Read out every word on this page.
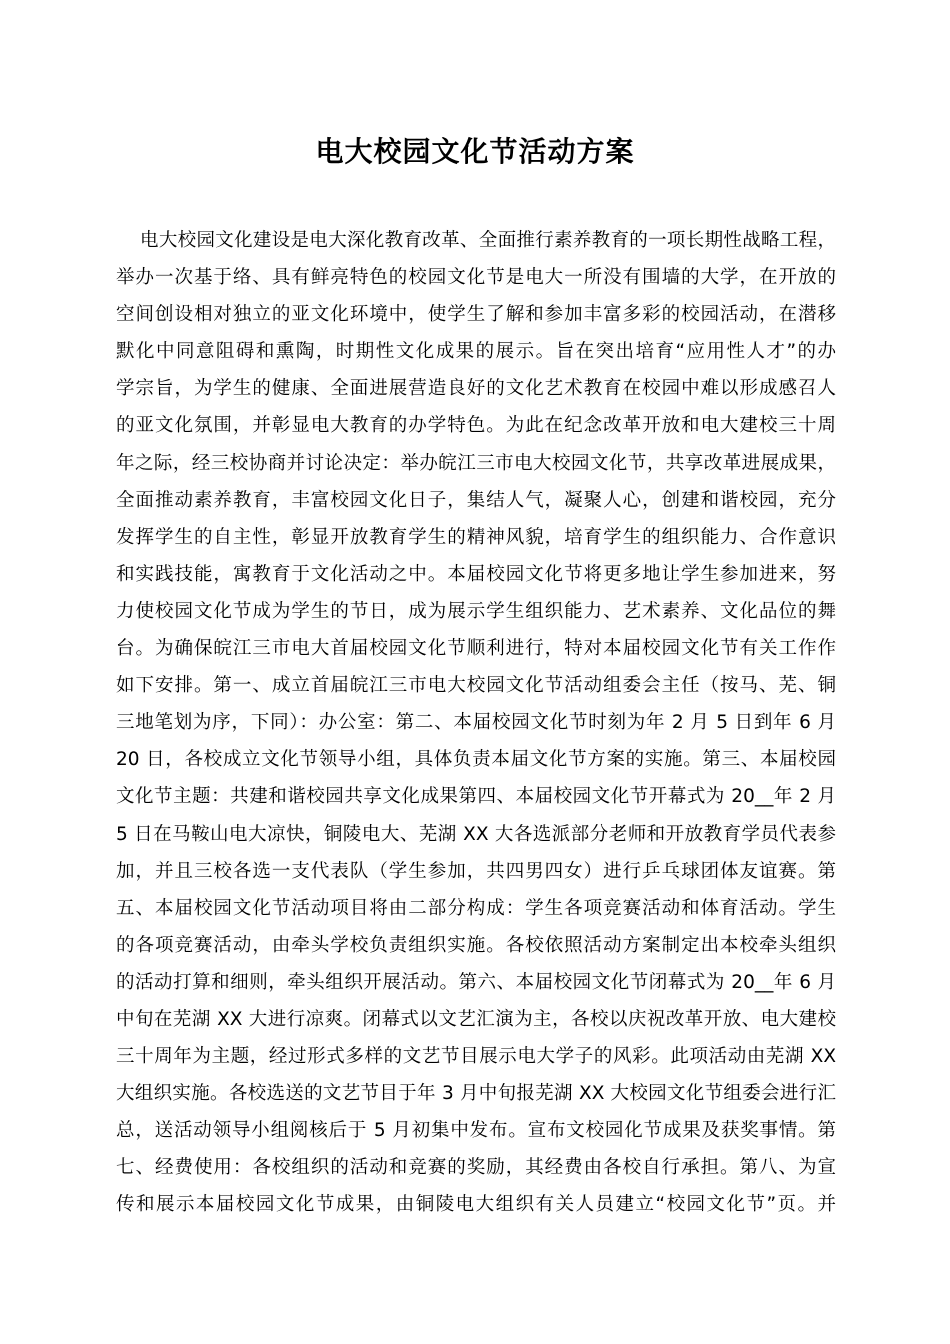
电大校园文化节活动方案
电大校园文化建设是电大深化教育改革、全面推行素养教育的一项长期性战略工程，
举办一次基于络、具有鲜亮特色的校园文化节是电大一所没有围墙的大学，在开放的
空间创设相对独立的亚文化环境中，使学生了解和参加丰富多彩的校园活动，在潜移
默化中同意阻碍和熏陶，时期性文化成果的展示。旨在突出培育“应用性人才”的办
学宗旨，为学生的健康、全面进展营造良好的文化艺术教育在校园中难以形成感召人
的亚文化氛围，并彰显电大教育的办学特色。为此在纪念改革开放和电大建校三十周
年之际，经三校协商并讨论决定：举办皖江三市电大校园文化节，共享改革进展成果，
全面推动素养教育，丰富校园文化日子，集结人气，凝聚人心，创建和谐校园，充分
发挥学生的自主性，彰显开放教育学生的精神风貌，培育学生的组织能力、合作意识
和实践技能，寓教育于文化活动之中。本届校园文化节将更多地让学生参加进来，努
力使校园文化节成为学生的节日，成为展示学生组织能力、艺术素养、文化品位的舞
台。为确保皖江三市电大首届校园文化节顺利进行，特对本届校园文化节有关工作作
如下安排。第一、成立首届皖江三市电大校园文化节活动组委会主任（按马、芜、铜
三地笔划为序，下同）：办公室：第二、本届校园文化节时刻为年 2 月 5 日到年 6 月
20 日，各校成立文化节领导小组，具体负责本届文化节方案的实施。第三、本届校园
文化节主题：共建和谐校园共享文化成果第四、本届校园文化节开幕式为 20__年 2 月
5 日在马鞍山电大凉快，铜陵电大、芜湖 XX 大各选派部分老师和开放教育学员代表参
加，并且三校各选一支代表队（学生参加，共四男四女）进行乒乓球团体友谊赛。第
五、本届校园文化节活动项目将由二部分构成：学生各项竞赛活动和体育活动。学生
的各项竞赛活动，由牵头学校负责组织实施。各校依照活动方案制定出本校牵头组织
的活动打算和细则，牵头组织开展活动。第六、本届校园文化节闭幕式为 20__年 6 月
中旬在芜湖 XX 大进行凉爽。闭幕式以文艺汇演为主，各校以庆祝改革开放、电大建校
三十周年为主题，经过形式多样的文艺节目展示电大学子的风彩。此项活动由芜湖 XX
大组织实施。各校选送的文艺节目于年 3 月中旬报芜湖 XX 大校园文化节组委会进行汇
总，送活动领导小组阅核后于 5 月初集中发布。宣布文校园化节成果及获奖事情。第
七、经费使用：各校组织的活动和竞赛的奖励，其经费由各校自行承担。第八、为宣
传和展示本届校园文化节成果，由铜陵电大组织有关人员建立“校园文化节”页。并
